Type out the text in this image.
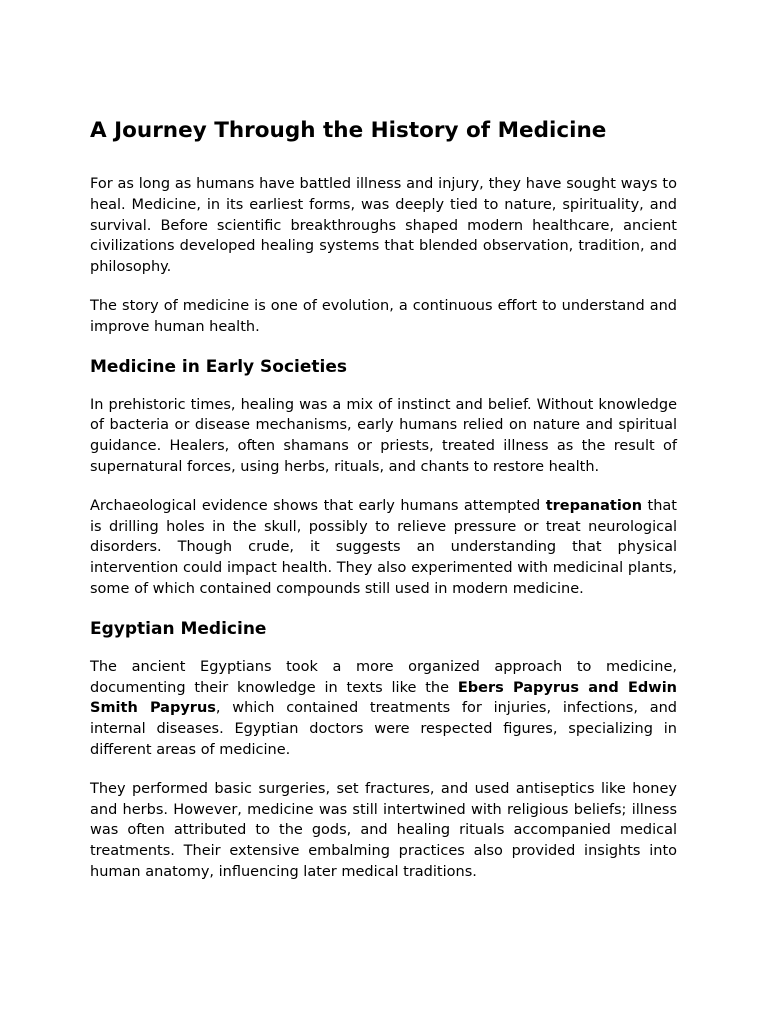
A Journey Through the History of Medicine

For as long as humans have battled illness and injury, they have sought ways to heal. Medicine, in its earliest forms, was deeply tied to nature, spirituality, and survival. Before scientific breakthroughs shaped modern healthcare, ancient civilizations developed healing systems that blended observation, tradition, and philosophy.

The story of medicine is one of evolution, a continuous effort to understand and improve human health.

Medicine in Early Societies

In prehistoric times, healing was a mix of instinct and belief. Without knowledge of bacteria or disease mechanisms, early humans relied on nature and spiritual guidance. Healers, often shamans or priests, treated illness as the result of supernatural forces, using herbs, rituals, and chants to restore health.

Archaeological evidence shows that early humans attempted trepanation that is drilling holes in the skull, possibly to relieve pressure or treat neurological disorders. Though crude, it suggests an understanding that physical intervention could impact health. They also experimented with medicinal plants, some of which contained compounds still used in modern medicine.

Egyptian Medicine

The ancient Egyptians took a more organized approach to medicine, documenting their knowledge in texts like the Ebers Papyrus and Edwin Smith Papyrus, which contained treatments for injuries, infections, and internal diseases. Egyptian doctors were respected figures, specializing in different areas of medicine.

They performed basic surgeries, set fractures, and used antiseptics like honey and herbs. However, medicine was still intertwined with religious beliefs; illness was often attributed to the gods, and healing rituals accompanied medical treatments. Their extensive embalming practices also provided insights into human anatomy, influencing later medical traditions.
